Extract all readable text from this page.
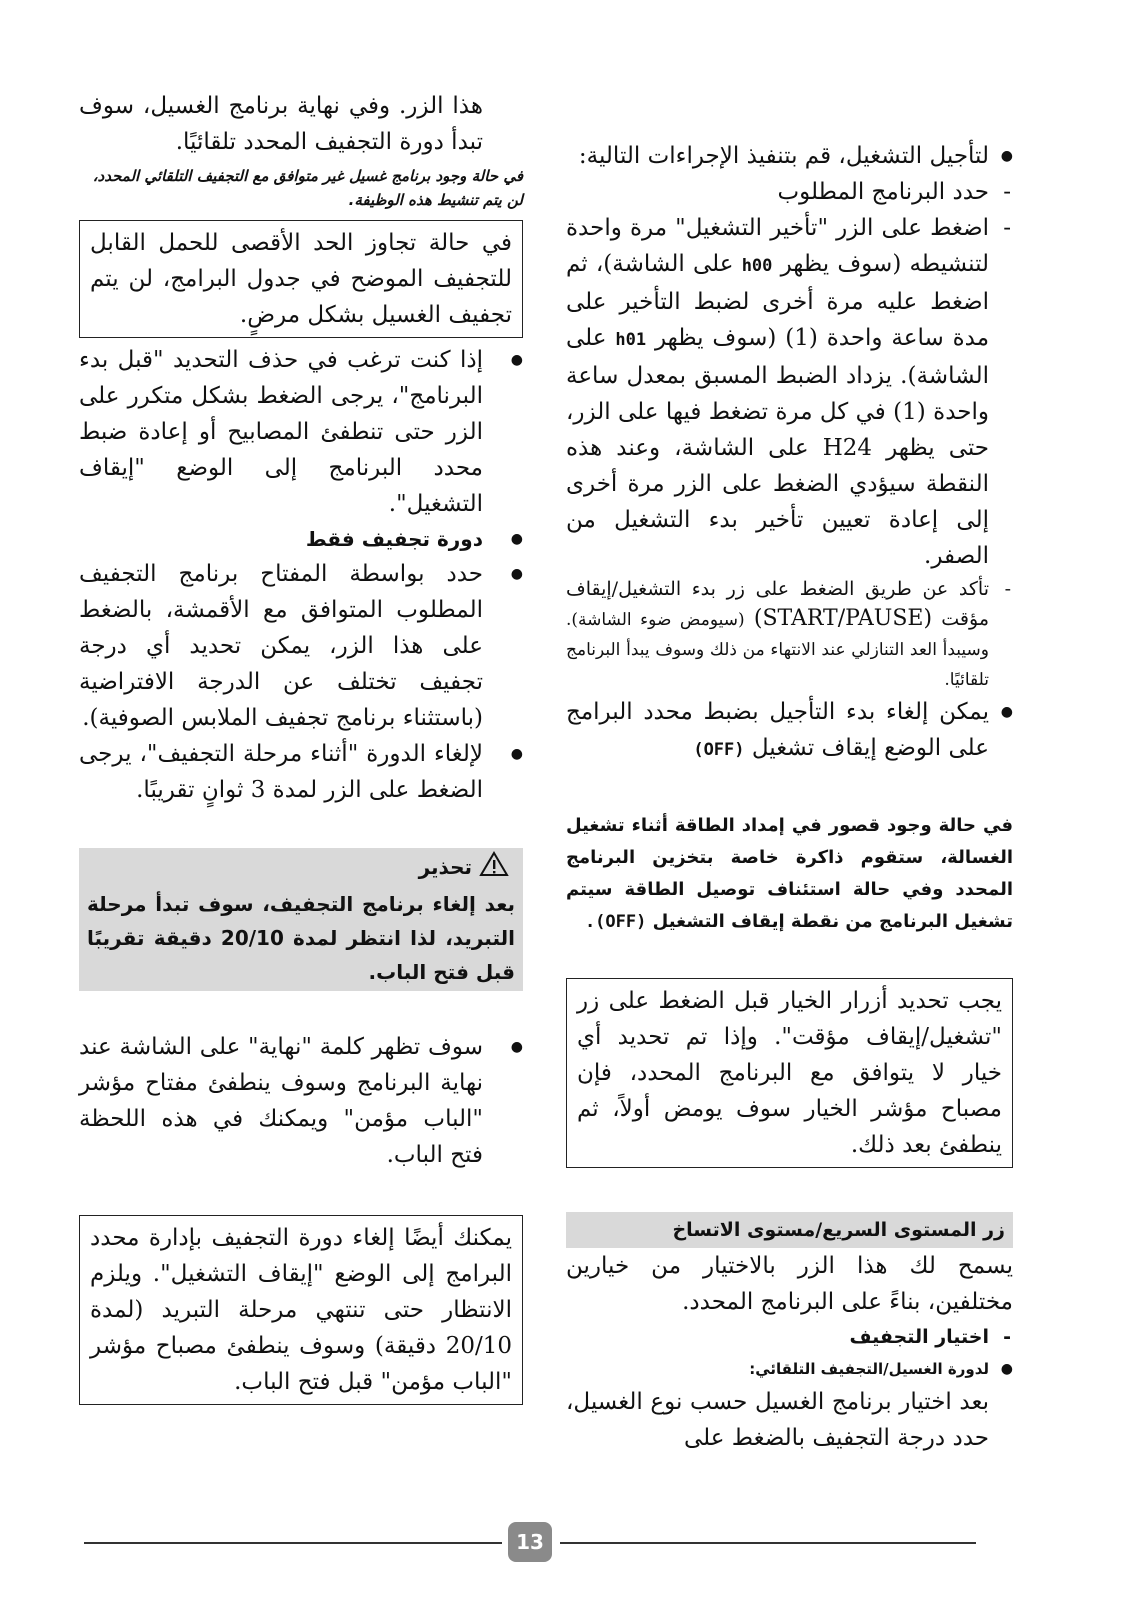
● لتأجيل التشغيل، قم بتنفيذ الإجراءات التالية:
- حدد البرنامج المطلوب
- اضغط على الزر "تأخير التشغيل" مرة واحدة لتنشيطه (سوف يظهر h00 على الشاشة)، ثم اضغط عليه مرة أخرى لضبط التأخير على مدة ساعة واحدة (1) (سوف يظهر h01 على الشاشة). يزداد الضبط المسبق بمعدل ساعة واحدة (1) في كل مرة تضغط فيها على الزر، حتى يظهر H24 على الشاشة، وعند هذه النقطة سيؤدي الضغط على الزر مرة أخرى إلى إعادة تعيين تأخير بدء التشغيل من الصفر.
- تأكد عن طريق الضغط على زر بدء التشغيل/إيقاف مؤقت (START/PAUSE) (سيومض ضوء الشاشة). وسيبدأ العد التنازلي عند الانتهاء من ذلك وسوف يبدأ البرنامج تلقائيًا.
● يمكن إلغاء بدء التأجيل بضبط محدد البرامج على الوضع إيقاف تشغيل (OFF)

في حالة وجود قصور في إمداد الطاقة أثناء تشغيل الغسالة، ستقوم ذاكرة خاصة بتخزين البرنامج المحدد وفي حالة استئناف توصيل الطاقة سيتم تشغيل البرنامج من نقطة إيقاف التشغيل (OFF).

يجب تحديد أزرار الخيار قبل الضغط على زر "تشغيل/إيقاف مؤقت". وإذا تم تحديد أي خيار لا يتوافق مع البرنامج المحدد، فإن مصباح مؤشر الخيار سوف يومض أولاً، ثم ينطفئ بعد ذلك.

زر المستوى السريع/مستوى الاتساخ

يسمح لك هذا الزر بالاختيار من خيارين مختلفين، بناءً على البرنامج المحدد.

- اختيار التجفيف
● لدورة الغسيل/التجفيف التلقائي:
بعد اختيار برنامج الغسيل حسب نوع الغسيل، حدد درجة التجفيف بالضغط على

هذا الزر. وفي نهاية برنامج الغسيل، سوف تبدأ دورة التجفيف المحدد تلقائيًا.

في حالة وجود برنامج غسيل غير متوافق مع التجفيف التلقائي المحدد، لن يتم تنشيط هذه الوظيفة.

في حالة تجاوز الحد الأقصى للحمل القابل للتجفيف الموضح في جدول البرامج، لن يتم تجفيف الغسيل بشكل مرضٍ.

● إذا كنت ترغب في حذف التحديد "قبل بدء البرنامج"، يرجى الضغط بشكل متكرر على الزر حتى تنطفئ المصابيح أو إعادة ضبط محدد البرنامج إلى الوضع "إيقاف التشغيل".
● دورة تجفيف فقط
● حدد بواسطة المفتاح برنامج التجفيف المطلوب المتوافق مع الأقمشة، بالضغط على هذا الزر، يمكن تحديد أي درجة تجفيف تختلف عن الدرجة الافتراضية (باستثناء برنامج تجفيف الملابس الصوفية).
● لإلغاء الدورة "أثناء مرحلة التجفيف"، يرجى الضغط على الزر لمدة 3 ثوانٍ تقريبًا.

تحذير

بعد إلغاء برنامج التجفيف، سوف تبدأ مرحلة التبريد، لذا انتظر لمدة 20/10 دقيقة تقريبًا قبل فتح الباب.

● سوف تظهر كلمة "نهاية" على الشاشة عند نهاية البرنامج وسوف ينطفئ مفتاح مؤشر "الباب مؤمن" ويمكنك في هذه اللحظة فتح الباب.

يمكنك أيضًا إلغاء دورة التجفيف بإدارة محدد البرامج إلى الوضع "إيقاف التشغيل". ويلزم الانتظار حتى تنتهي مرحلة التبريد (لمدة 20/10 دقيقة) وسوف ينطفئ مصباح مؤشر "الباب مؤمن" قبل فتح الباب.

13
